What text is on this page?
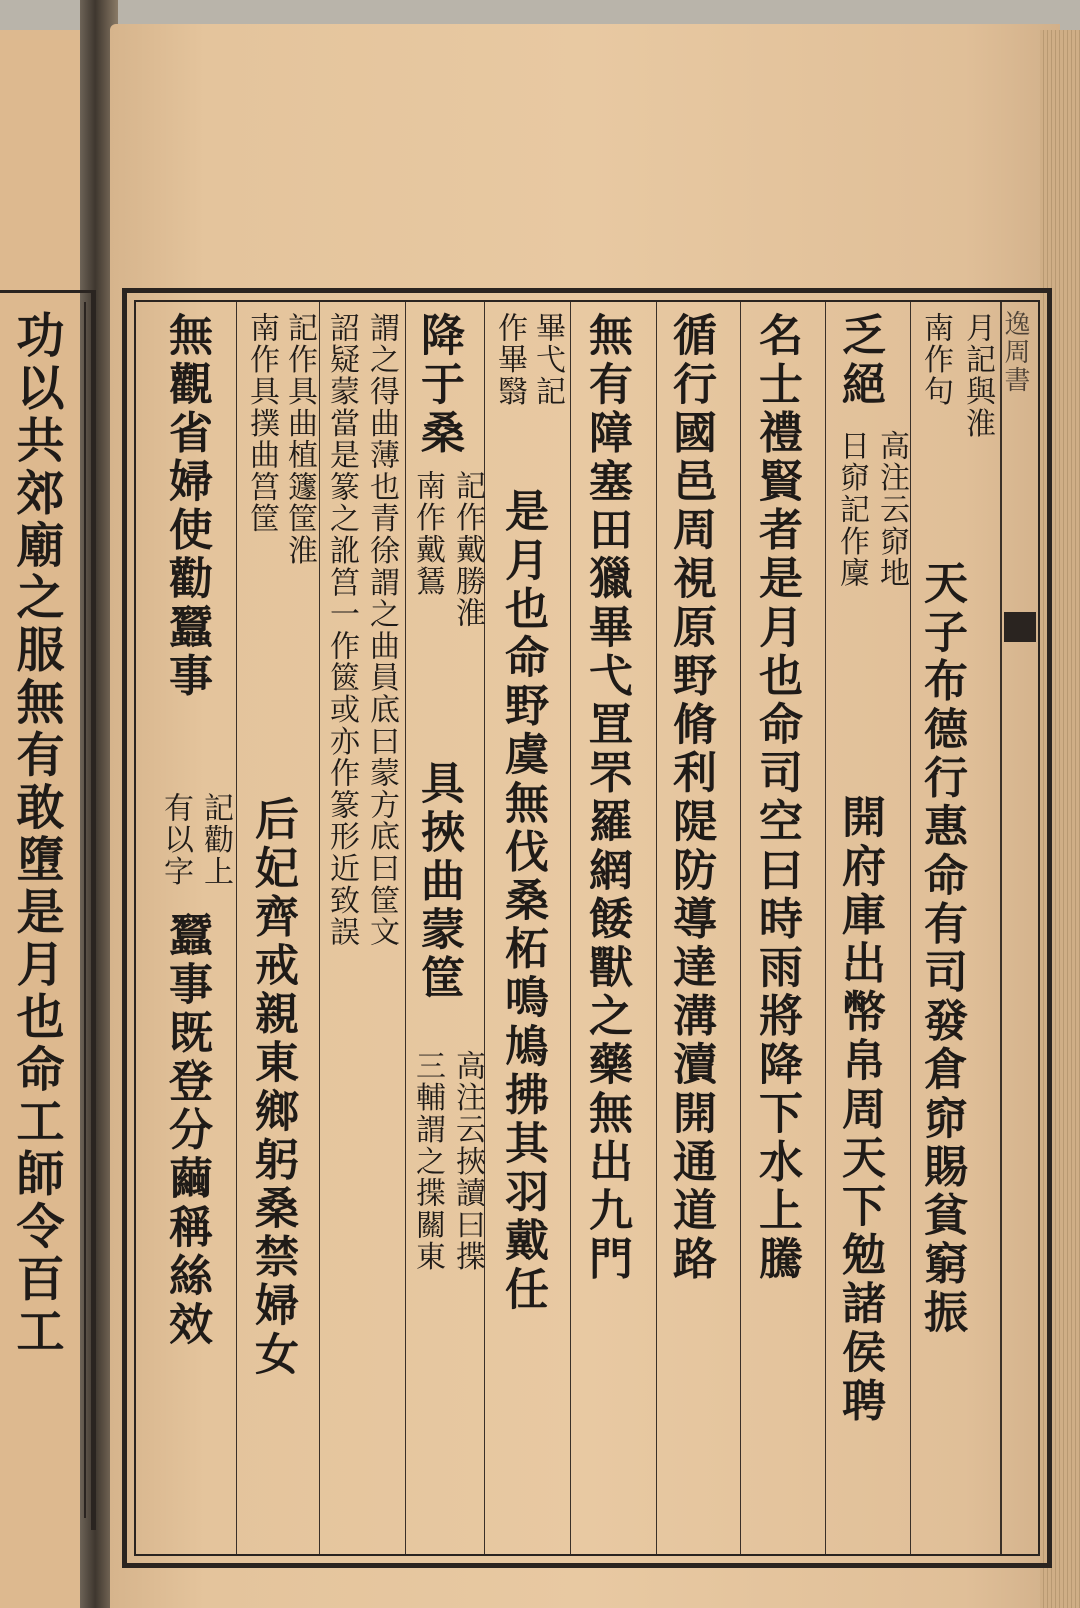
功以共郊廟之服無有敢墮是月也命工師令百工	逸周書
月記與淮
南作句
天子布德行惠命有司發倉窌賜貧窮振
乏絕
高注云窌地
日窌記作廩
開府庫出幣帛周天下勉諸侯聘
名士禮賢者是月也命司空曰時雨將降下水上騰
循行國邑周視原野脩利隄防導達溝瀆開通道路
無有障塞田獵畢弋罝罘羅網餧獸之藥無出九門
畢弋記
作畢翳
是月也命野虞無伐桑柘鳴鳩拂其羽戴任
降于桑
記作戴勝淮
南作戴鵟
具挾曲蒙筐
高注云挾讀曰揲
三輔謂之揲關東
謂之得曲薄也青徐謂之曲員底曰蒙方底曰筐文
詔疑蒙當是篆之訛筥一作篋或亦作篆形近致誤
記作具曲植籧筐淮
南作具撲曲筥筐
后妃齊戒親東鄉躬桑禁婦女
無觀省婦使勸蠶事
記勸上
有以字
蠶事既登分繭稱絲效
